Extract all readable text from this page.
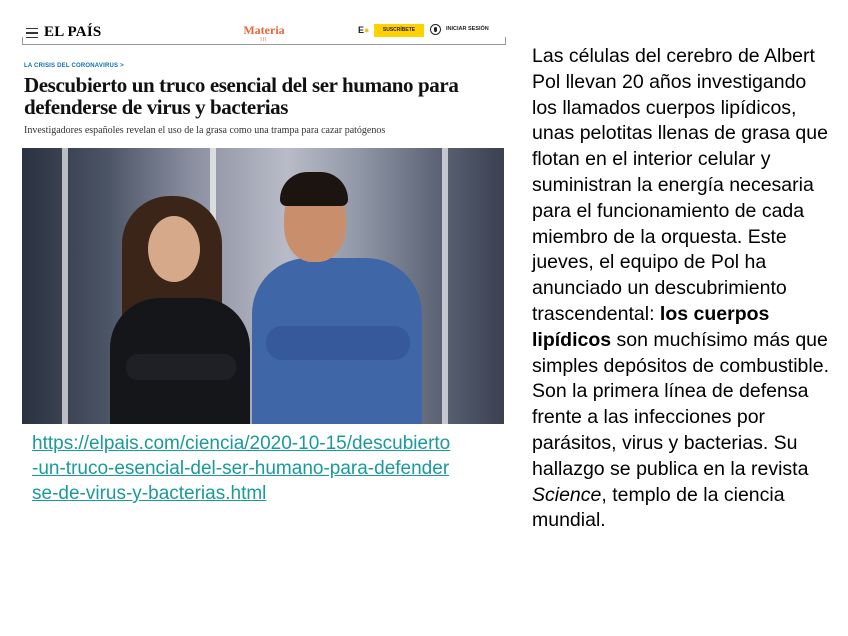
EL PAÍS	Materia
III
E●	SUSCRÍBETE	INICIAR SESIÓN
LA CRISIS DEL CORONAVIRUS >
Descubierto un truco esencial del ser humano para defenderse de virus y bacterias

Investigadores españoles revelan el uso de la grasa como una trampa para cazar patógenos

https://elpais.com/ciencia/2020-10-15/descubierto-un-truco-esencial-del-ser-humano-para-defenderse-de-virus-y-bacterias.html

Las células del cerebro de Albert Pol llevan 20 años investigando los llamados cuerpos lipídicos, unas pelotitas llenas de grasa que flotan en el interior celular y suministran la energía necesaria para el funcionamiento de cada miembro de la orquesta. Este jueves, el equipo de Pol ha anunciado un descubrimiento trascendental: los cuerpos lipídicos son muchísimo más que simples depósitos de combustible. Son la primera línea de defensa frente a las infecciones por parásitos, virus y bacterias. Su hallazgo se publica en la revista Science, templo de la ciencia mundial.
